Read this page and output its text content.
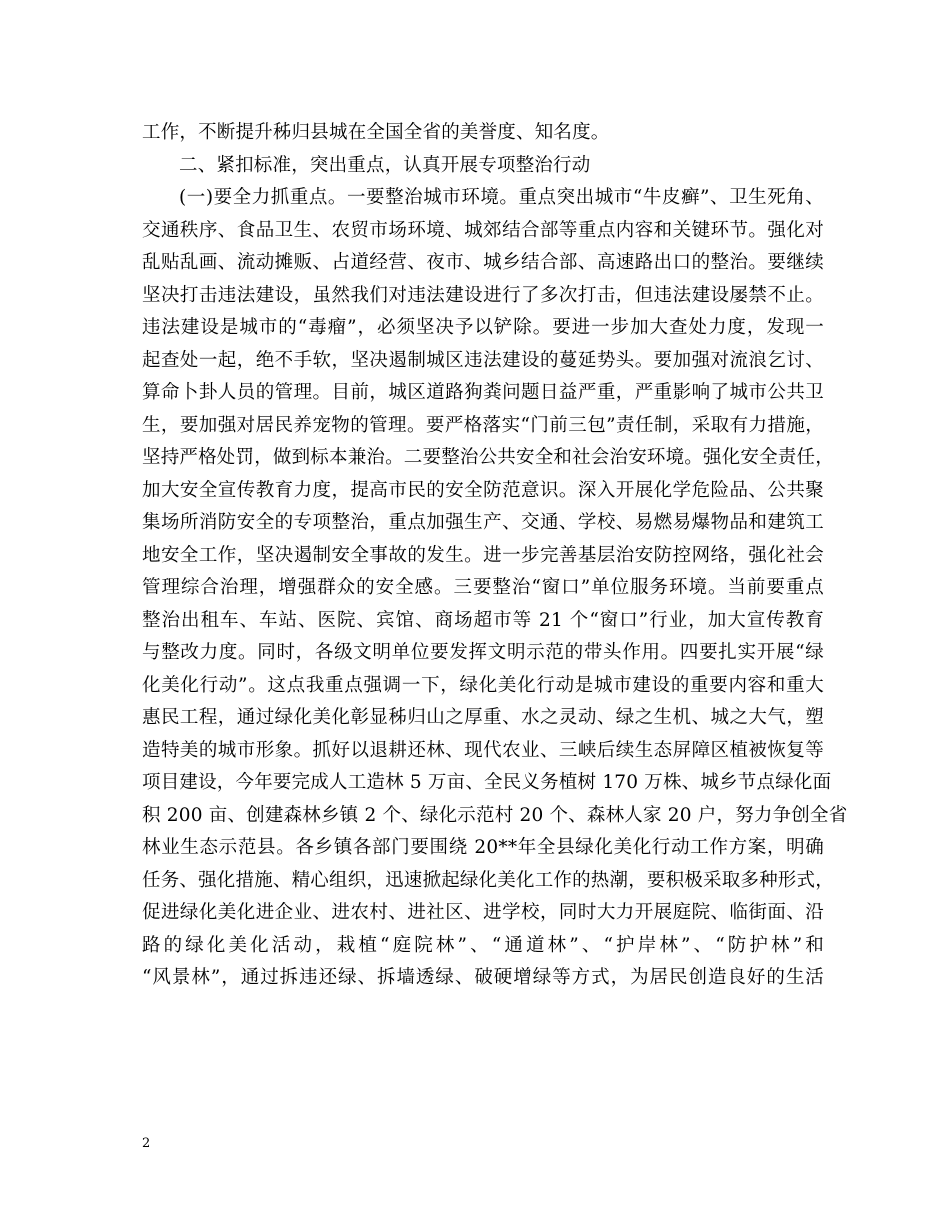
工作，不断提升秭归县城在全国全省的美誉度、知名度。
二、紧扣标准，突出重点，认真开展专项整治行动
(一)要全力抓重点。一要整治城市环境。重点突出城市“牛皮癣”、卫生死角、
交通秩序、食品卫生、农贸市场环境、城郊结合部等重点内容和关键环节。强化对
乱贴乱画、流动摊贩、占道经营、夜市、城乡结合部、高速路出口的整治。要继续
坚决打击违法建设，虽然我们对违法建设进行了多次打击，但违法建设屡禁不止。
违法建设是城市的“毒瘤”，必须坚决予以铲除。要进一步加大查处力度，发现一
起查处一起，绝不手软，坚决遏制城区违法建设的蔓延势头。要加强对流浪乞讨、
算命卜卦人员的管理。目前，城区道路狗粪问题日益严重，严重影响了城市公共卫
生，要加强对居民养宠物的管理。要严格落实“门前三包”责任制，采取有力措施，
坚持严格处罚，做到标本兼治。二要整治公共安全和社会治安环境。强化安全责任，
加大安全宣传教育力度，提高市民的安全防范意识。深入开展化学危险品、公共聚
集场所消防安全的专项整治，重点加强生产、交通、学校、易燃易爆物品和建筑工
地安全工作，坚决遏制安全事故的发生。进一步完善基层治安防控网络，强化社会
管理综合治理，增强群众的安全感。三要整治“窗口”单位服务环境。当前要重点
整治出租车、车站、医院、宾馆、商场超市等 21 个“窗口”行业，加大宣传教育
与整改力度。同时，各级文明单位要发挥文明示范的带头作用。四要扎实开展“绿
化美化行动”。这点我重点强调一下，绿化美化行动是城市建设的重要内容和重大
惠民工程，通过绿化美化彰显秭归山之厚重、水之灵动、绿之生机、城之大气，塑
造特美的城市形象。抓好以退耕还林、现代农业、三峡后续生态屏障区植被恢复等
项目建设，今年要完成人工造林 5 万亩、全民义务植树 170 万株、城乡节点绿化面
积 200 亩、创建森林乡镇 2 个、绿化示范村 20 个、森林人家 20 户，努力争创全省
林业生态示范县。各乡镇各部门要围绕 20**年全县绿化美化行动工作方案，明确
任务、强化措施、精心组织，迅速掀起绿化美化工作的热潮，要积极采取多种形式，
促进绿化美化进企业、进农村、进社区、进学校，同时大力开展庭院、临街面、沿
路的绿化美化活动，栽植“庭院林”、“通道林”、“护岸林”、“防护林”和
“风景林”，通过拆违还绿、拆墙透绿、破硬增绿等方式，为居民创造良好的生活
2
